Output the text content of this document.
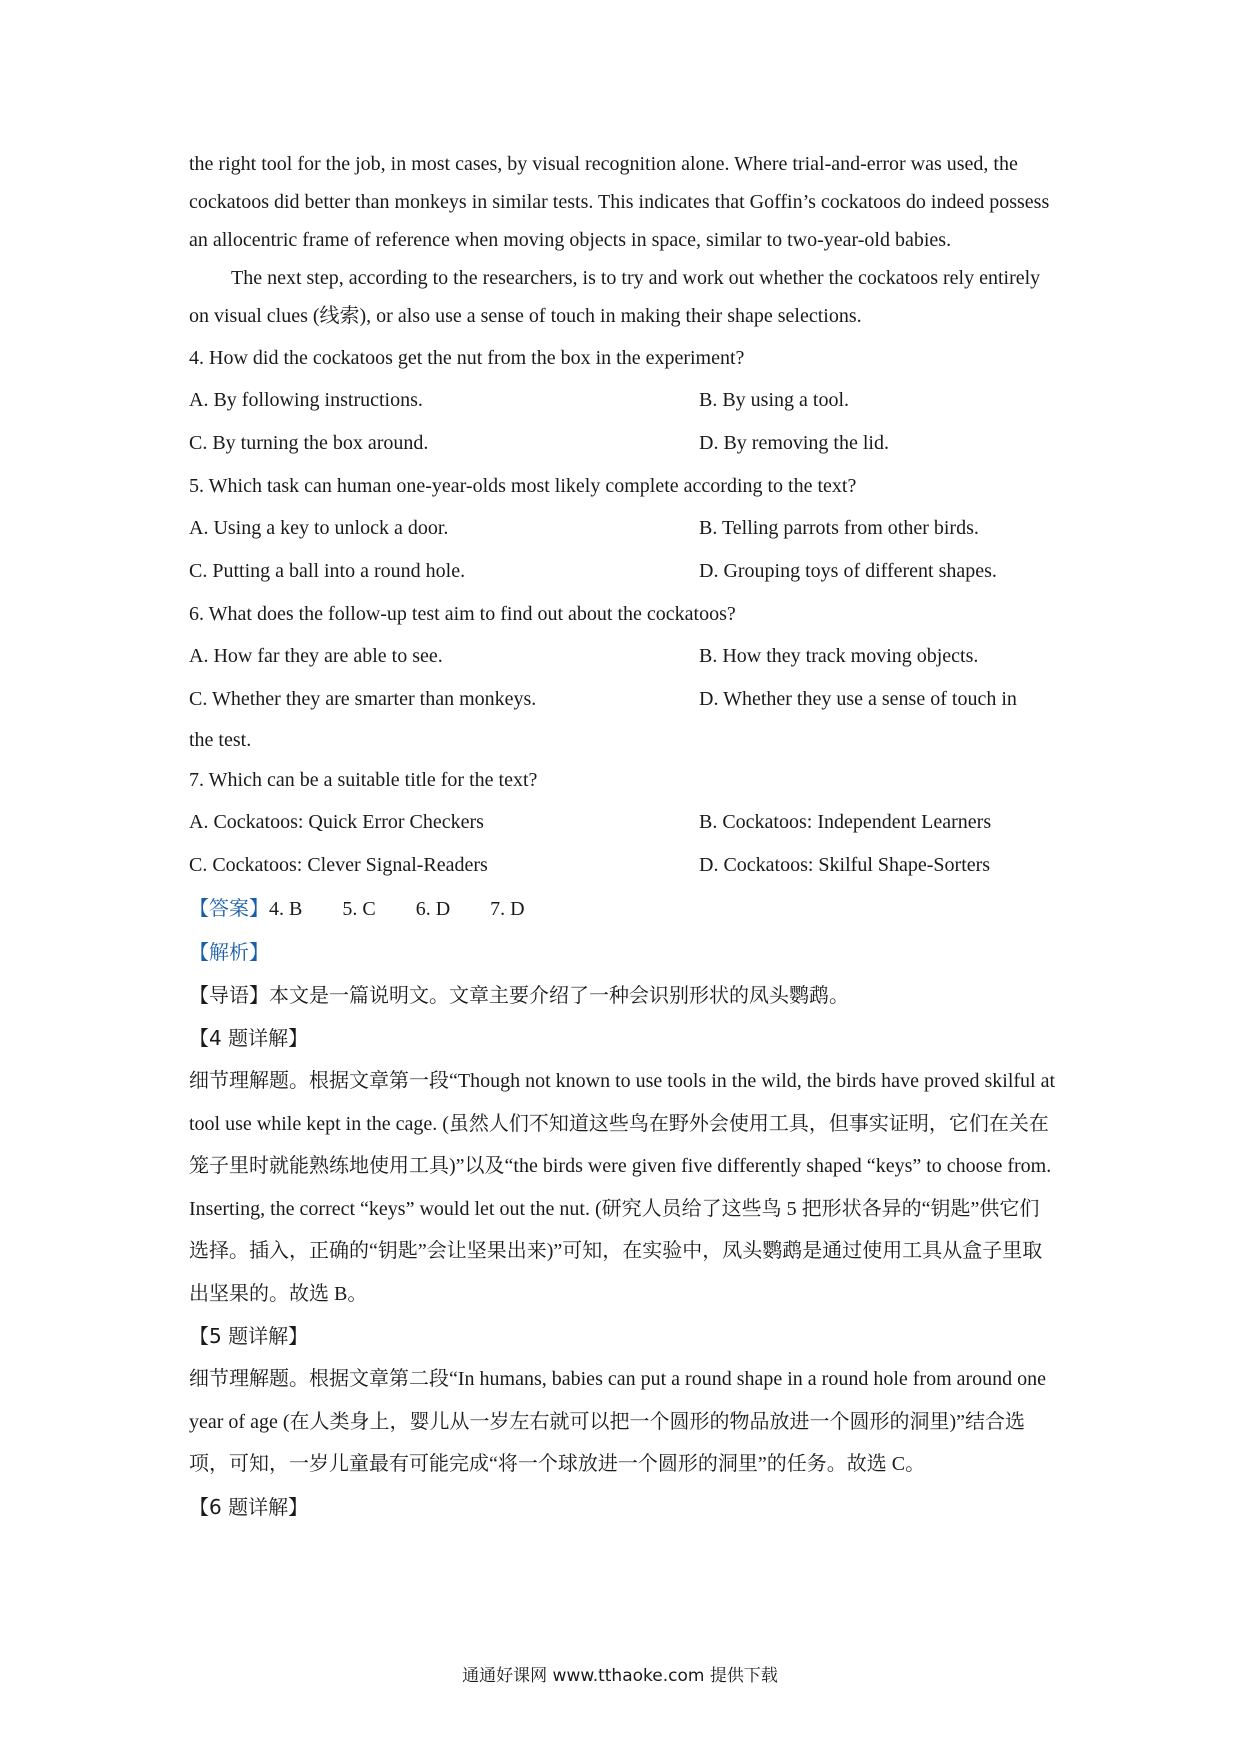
the right tool for the job, in most cases, by visual recognition alone. Where trial-and-error was used, the cockatoos did better than monkeys in similar tests. This indicates that Goffin’s cockatoos do indeed possess an allocentric frame of reference when moving objects in space, similar to two-year-old babies.

The next step, according to the researchers, is to try and work out whether the cockatoos rely entirely on visual clues (线索), or also use a sense of touch in making their shape selections.

4. How did the cockatoos get the nut from the box in the experiment?

A. By following instructions.	B. By using a tool.
C. By turning the box around.	D. By removing the lid.

5. Which task can human one-year-olds most likely complete according to the text?

A. Using a key to unlock a door.	B. Telling parrots from other birds.
C. Putting a ball into a round hole.	D. Grouping toys of different shapes.

6. What does the follow-up test aim to find out about the cockatoos?

A. How far they are able to see.	B. How they track moving objects.
C. Whether they are smarter than monkeys.	D. Whether they use a sense of touch in
the test.

7. Which can be a suitable title for the text?

A. Cockatoos: Quick Error Checkers	B. Cockatoos: Independent Learners
C. Cockatoos: Clever Signal-Readers	D. Cockatoos: Skilful Shape-Sorters
【答案】4. B 5. C 6. D 7. D
【解析】
【导语】本文是一篇说明文。文章主要介绍了一种会识别形状的凤头鹦鹉。
【4 题详解】
细节理解题。根据文章第一段“Though not known to use tools in the wild, the birds have proved skilful at tool use while kept in the cage. (虽然人们不知道这些鸟在野外会使用工具，但事实证明，它们在关在笼子里时就能熟练地使用工具)”以及“the birds were given five differently shaped “keys” to choose from. Inserting, the correct “keys” would let out the nut. (研究人员给了这些鸟 5 把形状各异的“钥匙”供它们选择。插入，正确的“钥匙”会让坚果出来)”可知，在实验中，凤头鹦鹉是通过使用工具从盒子里取出坚果的。故选 B。
【5 题详解】
细节理解题。根据文章第二段“In humans, babies can put a round shape in a round hole from around one year of age (在人类身上，婴儿从一岁左右就可以把一个圆形的物品放进一个圆形的洞里)”结合选项，可知，一岁儿童最有可能完成“将一个球放进一个圆形的洞里”的任务。故选 C。
【6 题详解】
通通好课网 www.tthaoke.com 提供下载
